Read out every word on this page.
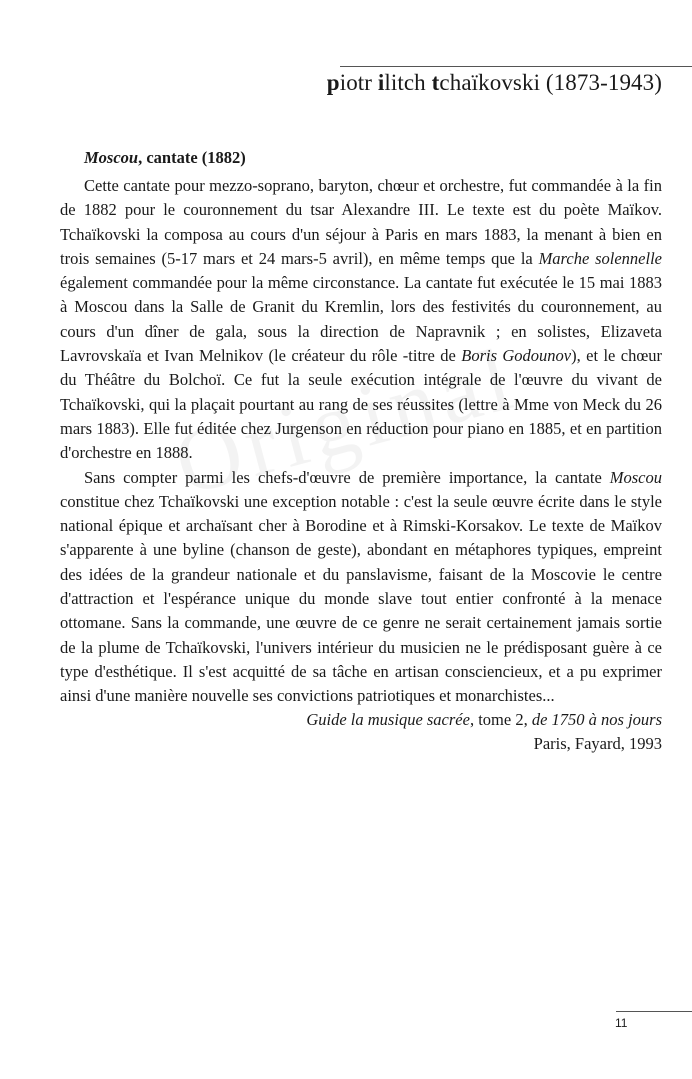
piotr ilitch tchaïkovski (1873-1943)
Moscou, cantate (1882)

Cette cantate pour mezzo-soprano, baryton, chœur et orchestre, fut commandée à la fin de 1882 pour le couronnement du tsar Alexandre III. Le texte est du poète Maïkov. Tchaïkovski la composa au cours d'un séjour à Paris en mars 1883, la menant à bien en trois semaines (5-17 mars et 24 mars-5 avril), en même temps que la Marche solennelle également commandée pour la même circonstance. La cantate fut exécutée le 15 mai 1883 à Moscou dans la Salle de Granit du Kremlin, lors des festivités du couronnement, au cours d'un dîner de gala, sous la direction de Napravnik ; en solistes, Elizaveta Lavrovskaïa et Ivan Melnikov (le créateur du rôle -titre de Boris Godounov), et le chœur du Théâtre du Bolchoï. Ce fut la seule exécution intégrale de l'œuvre du vivant de Tchaïkovski, qui la plaçait pourtant au rang de ses réussites (lettre à Mme von Meck du 26 mars 1883). Elle fut éditée chez Jurgenson en réduction pour piano en 1885, et en partition d'orchestre en 1888.

Sans compter parmi les chefs-d'œuvre de première importance, la cantate Moscou constitue chez Tchaïkovski une exception notable : c'est la seule œuvre écrite dans le style national épique et archaïsant cher à Borodine et à Rimski-Korsakov. Le texte de Maïkov s'apparente à une byline (chanson de geste), abondant en métaphores typiques, empreint des idées de la grandeur nationale et du panslavisme, faisant de la Moscovie le centre d'attraction et l'espérance unique du monde slave tout entier confronté à la menace ottomane. Sans la commande, une œuvre de ce genre ne serait certainement jamais sortie de la plume de Tchaïkovski, l'univers intérieur du musicien ne le prédisposant guère à ce type d'esthétique. Il s'est acquitté de sa tâche en artisan consciencieux, et a pu exprimer ainsi d'une manière nouvelle ses convictions patriotiques et monarchistes...

Guide la musique sacrée, tome 2, de 1750 à nos jours
Paris, Fayard, 1993
11
